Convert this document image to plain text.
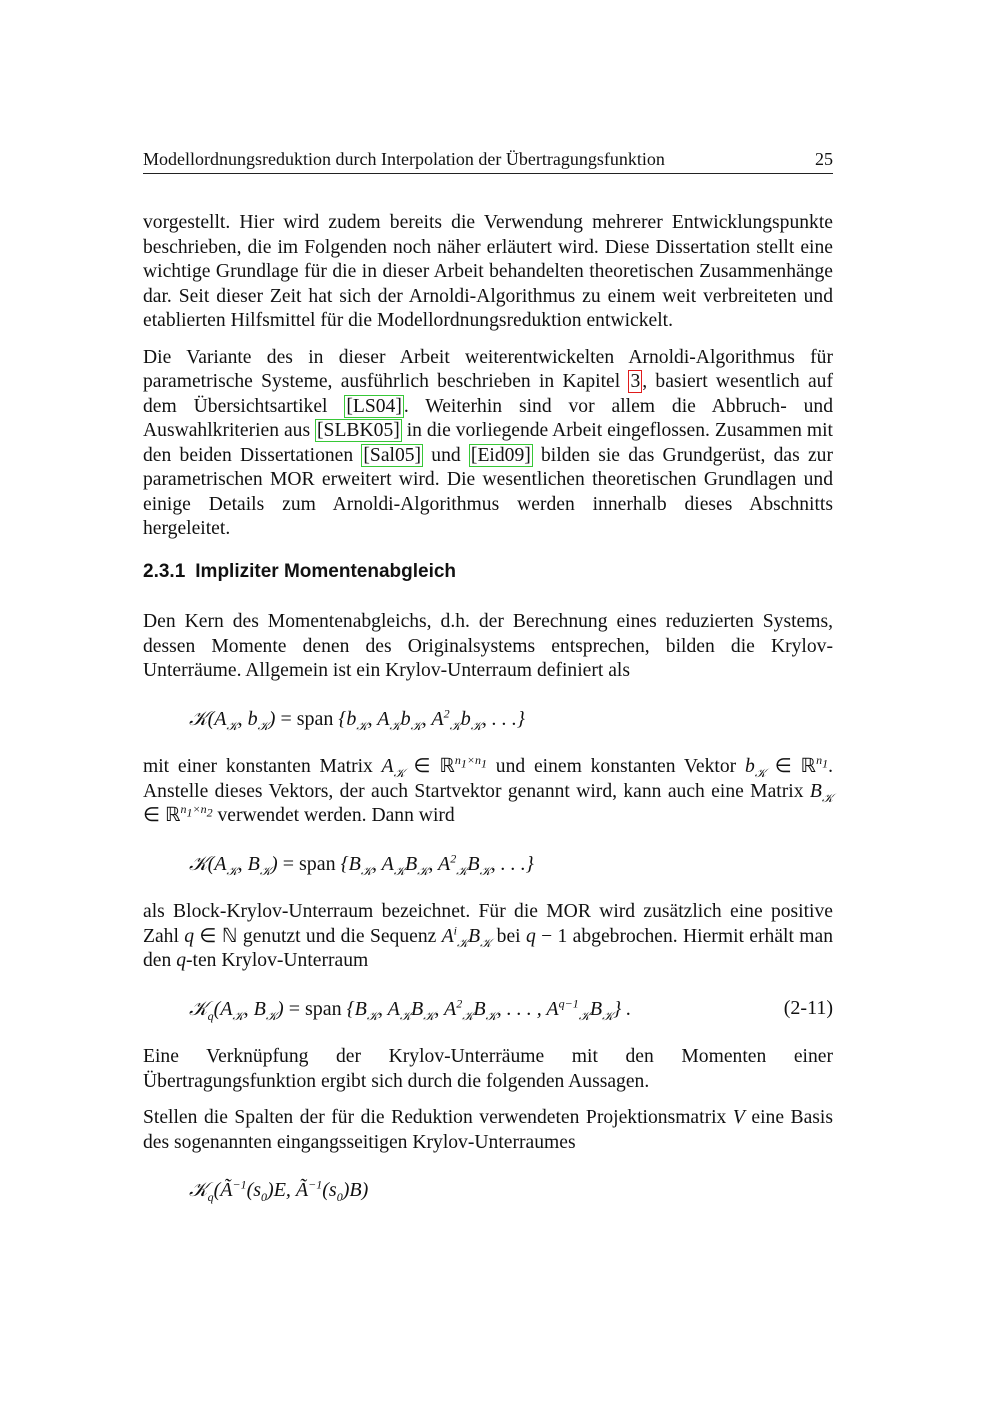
Modellordnungsreduktion durch Interpolation der Übertragungsfunktion	25

vorgestellt. Hier wird zudem bereits die Verwendung mehrerer Entwicklungspunkte beschrieben, die im Folgenden noch näher erläutert wird. Diese Dissertation stellt eine wichtige Grundlage für die in dieser Arbeit behandelten theoretischen Zusammenhänge dar. Seit dieser Zeit hat sich der Arnoldi-Algorithmus zu einem weit verbreiteten und etablierten Hilfsmittel für die Modellordnungsreduktion entwickelt.

Die Variante des in dieser Arbeit weiterentwickelten Arnoldi-Algorithmus für parametrische Systeme, ausführlich beschrieben in Kapitel 3 , basiert wesentlich auf dem Übersichtsartikel [LS04] . Weiterhin sind vor allem die Abbruch- und Auswahlkriterien aus [SLBK05] in die vorliegende Arbeit eingeflossen. Zusammen mit den beiden Dissertationen [Sal05] und [Eid09] bilden sie das Grundgerüst, das zur parametrischen MOR erweitert wird. Die wesentlichen theoretischen Grundlagen und einige Details zum Arnoldi-Algorithmus werden innerhalb dieses Abschnitts hergeleitet.

2.3.1 Impliziter Momentenabgleich

Den Kern des Momentenabgleichs, d.h. der Berechnung eines reduzierten Systems, dessen Momente denen des Originalsystems entsprechen, bilden die Krylov-Unterräume. Allgemein ist ein Krylov-Unterraum definiert als

$𝒦(A_𝒦$, $b_𝒦$) = span {$b_𝒦$, $A_𝒦b_𝒦$, $A^2_𝒦b_𝒦$, . . .}

mit einer konstanten Matrix $A_𝒦$ ∈ ℝ$^{n_1\times n_1}$ und einem konstanten Vektor $b_𝒦$ ∈ ℝ$^{n_1}$. Anstelle dieses Vektors, der auch Startvektor genannt wird, kann auch eine Matrix $B_𝒦$ ∈ ℝ$^{n_1\times n_2}$ verwendet werden. Dann wird

$𝒦(A_𝒦$, $B_𝒦$) = span {$B_𝒦$, $A_𝒦B_𝒦$, $A^2_𝒦B_𝒦$, . . .}

als Block-Krylov-Unterraum bezeichnet. Für die MOR wird zusätzlich eine positive Zahl q ∈ ℕ genutzt und die Sequenz $A^i_𝒦B_𝒦$ bei q − 1 abgebrochen. Hiermit erhält man den q-ten Krylov-Unterraum

$𝒦_q(A_𝒦$, $B_𝒦$) = span {$B_𝒦$, $A_𝒦B_𝒦$, $A^2_𝒦B_𝒦$, . . . , $A^{q-1}_𝒦B_𝒦$} .	(2-11)

Eine Verknüpfung der Krylov-Unterräume mit den Momenten einer Übertragungsfunktion ergibt sich durch die folgenden Aussagen.

Stellen die Spalten der für die Reduktion verwendeten Projektionsmatrix V eine Basis des sogenannten eingangsseitigen Krylov-Unterraumes

$𝒦_q(Ã^{-1}(s_0)E$, $Ã^{-1}(s_0)B$)
